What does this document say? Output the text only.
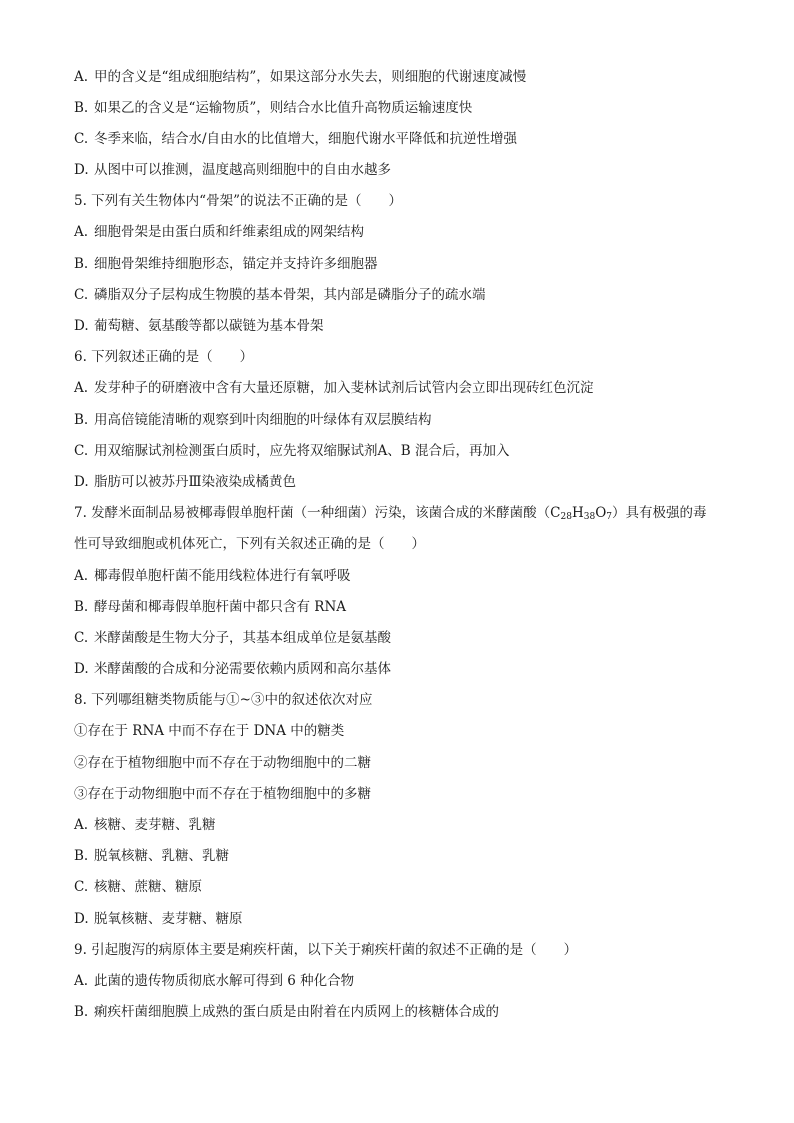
A. 甲的含义是“组成细胞结构”，如果这部分水失去，则细胞的代谢速度减慢
B. 如果乙的含义是“运输物质”，则结合水比值升高物质运输速度快
C. 冬季来临，结合水/自由水的比值增大，细胞代谢水平降低和抗逆性增强
D. 从图中可以推测，温度越高则细胞中的自由水越多
5. 下列有关生物体内“骨架”的说法不正确的是（　　）
A. 细胞骨架是由蛋白质和纤维素组成的网架结构
B. 细胞骨架维持细胞形态，锚定并支持许多细胞器
C. 磷脂双分子层构成生物膜的基本骨架，其内部是磷脂分子的疏水端
D. 葡萄糖、氨基酸等都以碳链为基本骨架
6. 下列叙述正确的是（　　）
A. 发芽种子的研磨液中含有大量还原糖，加入斐林试剂后试管内会立即出现砖红色沉淀
B. 用高倍镜能清晰的观察到叶肉细胞的叶绿体有双层膜结构
C. 用双缩脲试剂检测蛋白质时，应先将双缩脲试剂A、B 混合后，再加入
D. 脂肪可以被苏丹Ⅲ染液染成橘黄色
7. 发酵米面制品易被椰毒假单胞杆菌（一种细菌）污染，该菌合成的米酵菌酸$(C_{28}H_{38}O_7)$具有极强的毒
性可导致细胞或机体死亡，下列有关叙述正确的是（　　）
A. 椰毒假单胞杆菌不能用线粒体进行有氧呼吸
B. 酵母菌和椰毒假单胞杆菌中都只含有 RNA
C. 米酵菌酸是生物大分子，其基本组成单位是氨基酸
D. 米酵菌酸的合成和分泌需要依赖内质网和高尔基体
8. 下列哪组糖类物质能与①~③中的叙述依次对应
①存在于 RNA 中而不存在于 DNA 中的糖类
②存在于植物细胞中而不存在于动物细胞中的二糖
③存在于动物细胞中而不存在于植物细胞中的多糖
A. 核糖、麦芽糖、乳糖
B. 脱氧核糖、乳糖、乳糖
C. 核糖、蔗糖、糖原
D. 脱氧核糖、麦芽糖、糖原
9. 引起腹泻的病原体主要是痢疾杆菌，以下关于痢疾杆菌的叙述不正确的是（　　）
A. 此菌的遗传物质彻底水解可得到 6 种化合物
B. 痢疾杆菌细胞膜上成熟的蛋白质是由附着在内质网上的核糖体合成的
